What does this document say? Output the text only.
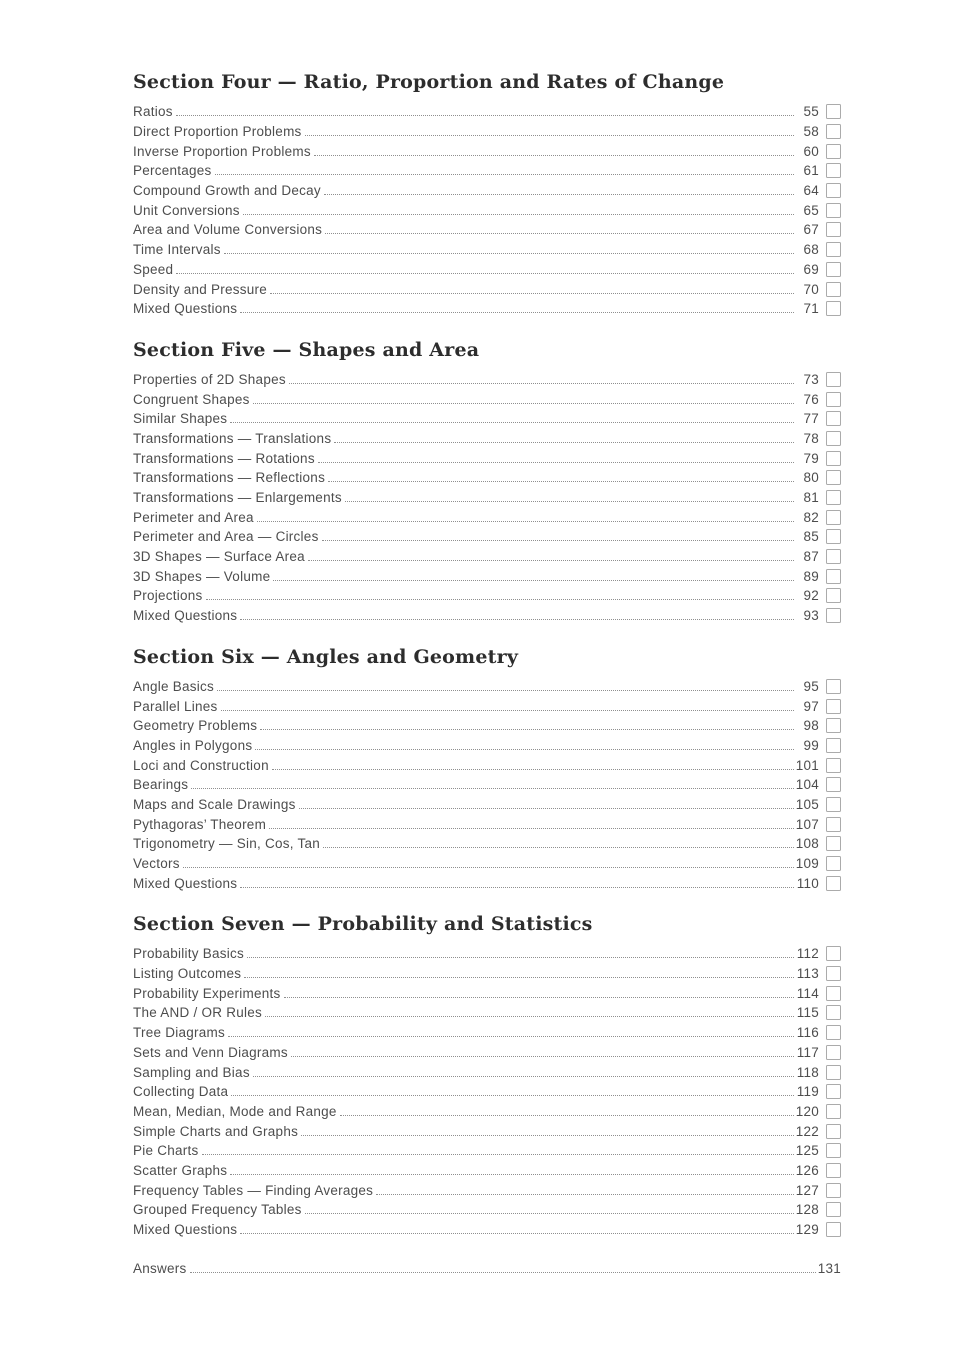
Section Four — Ratio, Proportion and Rates of Change
Ratios	55
Direct Proportion Problems	58
Inverse Proportion Problems	60
Percentages	61
Compound Growth and Decay	64
Unit Conversions	65
Area and Volume Conversions	67
Time Intervals	68
Speed	69
Density and Pressure	70
Mixed Questions	71
Section Five — Shapes and Area
Properties of 2D Shapes	73
Congruent Shapes	76
Similar Shapes	77
Transformations — Translations	78
Transformations — Rotations	79
Transformations — Reflections	80
Transformations — Enlargements	81
Perimeter and Area	82
Perimeter and Area — Circles	85
3D Shapes — Surface Area	87
3D Shapes — Volume	89
Projections	92
Mixed Questions	93
Section Six — Angles and Geometry
Angle Basics	95
Parallel Lines	97
Geometry Problems	98
Angles in Polygons	99
Loci and Construction	101
Bearings	104
Maps and Scale Drawings	105
Pythagoras’ Theorem	107
Trigonometry — Sin, Cos, Tan	108
Vectors	109
Mixed Questions	110
Section Seven — Probability and Statistics
Probability Basics	112
Listing Outcomes	113
Probability Experiments	114
The AND / OR Rules	115
Tree Diagrams	116
Sets and Venn Diagrams	117
Sampling and Bias	118
Collecting Data	119
Mean, Median, Mode and Range	120
Simple Charts and Graphs	122
Pie Charts	125
Scatter Graphs	126
Frequency Tables — Finding Averages	127
Grouped Frequency Tables	128
Mixed Questions	129
Answers	131
